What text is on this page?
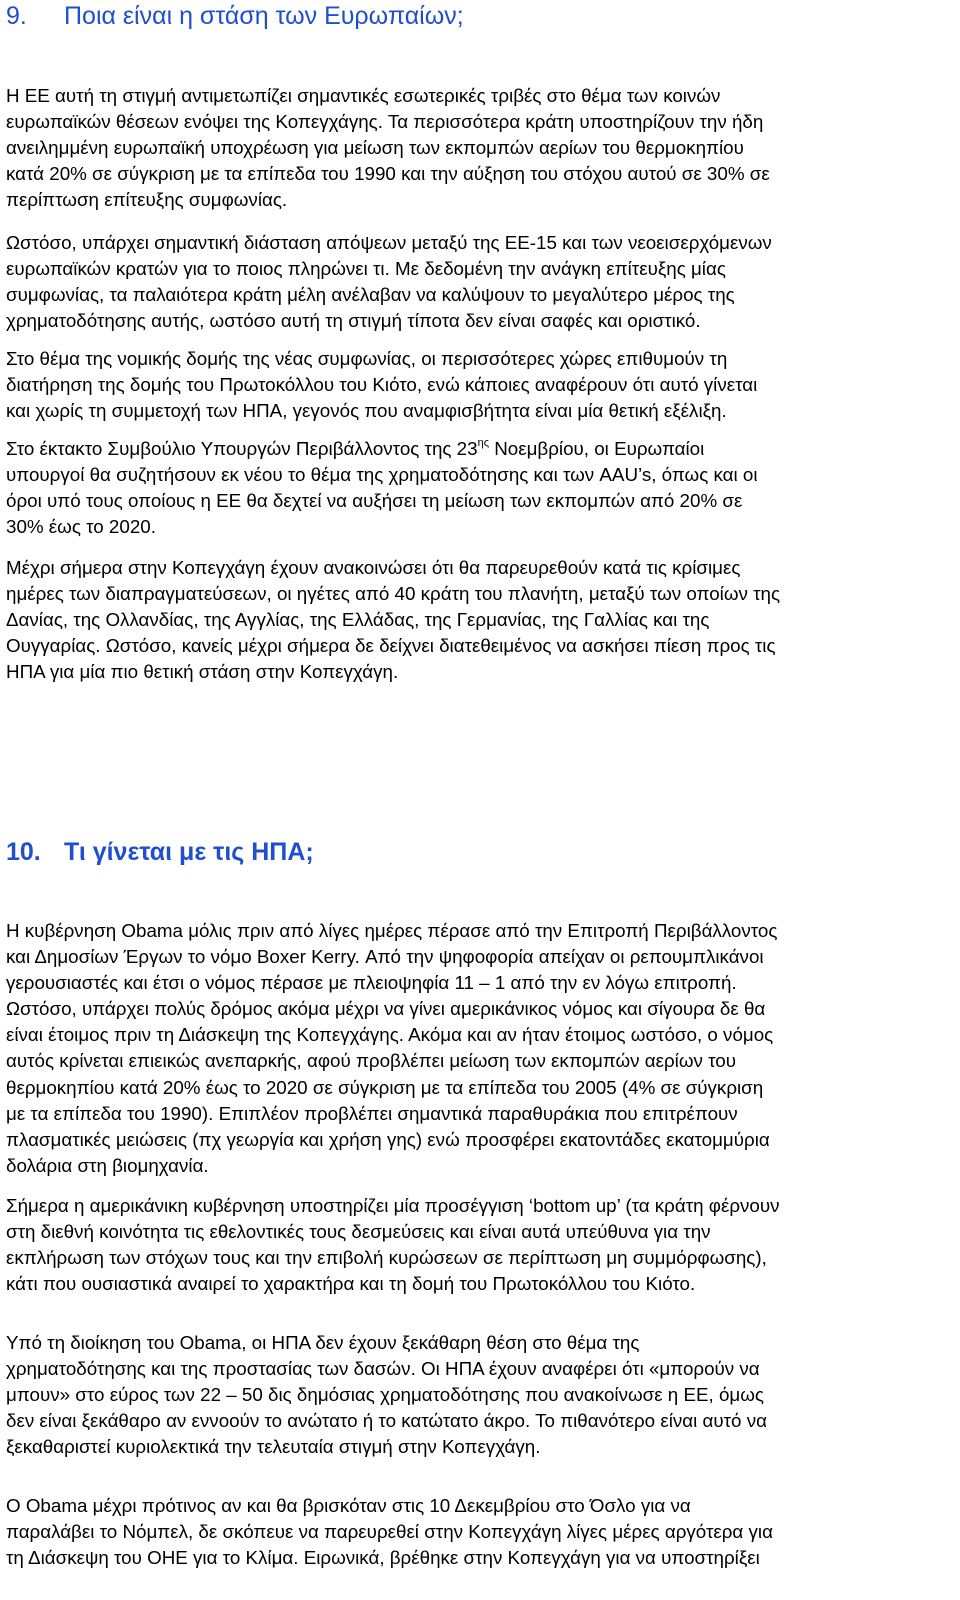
9. Ποια είναι η στάση των Ευρωπαίων;

Η ΕΕ αυτή τη στιγμή αντιμετωπίζει σημαντικές εσωτερικές τριβές στο θέμα των κοινών
ευρωπαϊκών θέσεων ενόψει της Κοπεγχάγης. Τα περισσότερα κράτη υποστηρίζουν την ήδη
ανειλημμένη ευρωπαϊκή υποχρέωση για μείωση των εκπομπών αερίων του θερμοκηπίου
κατά 20% σε σύγκριση με τα επίπεδα του 1990 και την αύξηση του στόχου αυτού σε 30% σε
περίπτωση επίτευξης συμφωνίας.

Ωστόσο, υπάρχει σημαντική διάσταση απόψεων μεταξύ της ΕΕ-15 και των νεοεισερχόμενων
ευρωπαϊκών κρατών για το ποιος πληρώνει τι. Με δεδομένη την ανάγκη επίτευξης μίας
συμφωνίας, τα παλαιότερα κράτη μέλη ανέλαβαν να καλύψουν το μεγαλύτερο μέρος της
χρηματοδότησης αυτής, ωστόσο αυτή τη στιγμή τίποτα δεν είναι σαφές και οριστικό.

Στο θέμα της νομικής δομής της νέας συμφωνίας, οι περισσότερες χώρες επιθυμούν τη
διατήρηση της δομής του Πρωτοκόλλου του Κιότο, ενώ κάποιες αναφέρουν ότι αυτό γίνεται
και χωρίς τη συμμετοχή των ΗΠΑ, γεγονός που αναμφισβήτητα είναι μία θετική εξέλιξη.

Στο έκτακτο Συμβούλιο Υπουργών Περιβάλλοντος της $23^{\eta\varsigma}$ Νοεμβρίου, οι Ευρωπαίοι
υπουργοί θα συζητήσουν εκ νέου το θέμα της χρηματοδότησης και των AAU’s, όπως και οι
όροι υπό τους οποίους η ΕΕ θα δεχτεί να αυξήσει τη μείωση των εκπομπών από 20% σε
30% έως το 2020.

Μέχρι σήμερα στην Κοπεγχάγη έχουν ανακοινώσει ότι θα παρευρεθούν κατά τις κρίσιμες
ημέρες των διαπραγματεύσεων, οι ηγέτες από 40 κράτη του πλανήτη, μεταξύ των οποίων της
Δανίας, της Ολλανδίας, της Αγγλίας, της Ελλάδας, της Γερμανίας, της Γαλλίας και της
Ουγγαρίας. Ωστόσο, κανείς μέχρι σήμερα δε δείχνει διατεθειμένος να ασκήσει πίεση προς τις
ΗΠΑ για μία πιο θετική στάση στην Κοπεγχάγη.

10. Τι γίνεται με τις ΗΠΑ;

Η κυβέρνηση Obama μόλις πριν από λίγες ημέρες πέρασε από την Επιτροπή Περιβάλλοντος
και Δημοσίων Έργων το νόμο Boxer Kerry. Από την ψηφοφορία απείχαν οι ρεπουμπλικάνοι
γερουσιαστές και έτσι ο νόμος πέρασε με πλειοψηφία 11 – 1 από την εν λόγω επιτροπή.
Ωστόσο, υπάρχει πολύς δρόμος ακόμα μέχρι να γίνει αμερικάνικος νόμος και σίγουρα δε θα
είναι έτοιμος πριν τη Διάσκεψη της Κοπεγχάγης. Ακόμα και αν ήταν έτοιμος ωστόσο, ο νόμος
αυτός κρίνεται επιεικώς ανεπαρκής, αφού προβλέπει μείωση των εκπομπών αερίων του
θερμοκηπίου κατά 20% έως το 2020 σε σύγκριση με τα επίπεδα του 2005 (4% σε σύγκριση
με τα επίπεδα του 1990). Επιπλέον προβλέπει σημαντικά παραθυράκια που επιτρέπουν
πλασματικές μειώσεις (πχ γεωργία και χρήση γης) ενώ προσφέρει εκατοντάδες εκατομμύρια
δολάρια στη βιομηχανία.

Σήμερα η αμερικάνικη κυβέρνηση υποστηρίζει μία προσέγγιση ‘bottom up’ (τα κράτη φέρνουν
στη διεθνή κοινότητα τις εθελοντικές τους δεσμεύσεις και είναι αυτά υπεύθυνα για την
εκπλήρωση των στόχων τους και την επιβολή κυρώσεων σε περίπτωση μη συμμόρφωσης),
κάτι που ουσιαστικά αναιρεί το χαρακτήρα και τη δομή του Πρωτοκόλλου του Κιότο.

Υπό τη διοίκηση του Obama, οι ΗΠΑ δεν έχουν ξεκάθαρη θέση στο θέμα της
χρηματοδότησης και της προστασίας των δασών. Οι ΗΠΑ έχουν αναφέρει ότι «μπορούν να
μπουν» στο εύρος των 22 – 50 δις δημόσιας χρηματοδότησης που ανακοίνωσε η ΕΕ, όμως
δεν είναι ξεκάθαρο αν εννοούν το ανώτατο ή το κατώτατο άκρο. Το πιθανότερο είναι αυτό να
ξεκαθαριστεί κυριολεκτικά την τελευταία στιγμή στην Κοπεγχάγη.

Ο Obama μέχρι πρότινος αν και θα βρισκόταν στις 10 Δεκεμβρίου στο Όσλο για να
παραλάβει το Νόμπελ, δε σκόπευε να παρευρεθεί στην Κοπεγχάγη λίγες μέρες αργότερα για
τη Διάσκεψη του ΟΗΕ για το Κλίμα. Ειρωνικά, βρέθηκε στην Κοπεγχάγη για να υποστηρίξει
